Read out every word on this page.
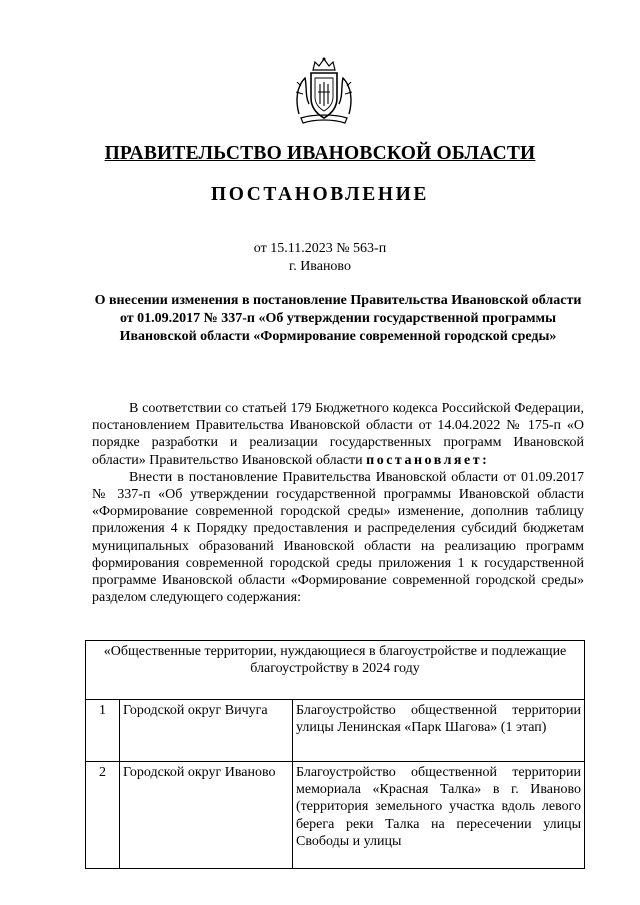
ПРАВИТЕЛЬСТВО ИВАНОВСКОЙ ОБЛАСТИ
ПОСТАНОВЛЕНИЕ
от 15.11.2023 № 563-п
г. Иваново
О внесении изменения в постановление Правительства Ивановской области от 01.09.2017 № 337-п «Об утверждении государственной программы Ивановской области «Формирование современной городской среды»

В соответствии со статьей 179 Бюджетного кодекса Российской Федерации, постановлением Правительства Ивановской области от 14.04.2022 № 175-п «О порядке разработки и реализации государственных программ Ивановской области» Правительство Ивановской области постановляет:

Внести в постановление Правительства Ивановской области от 01.09.2017 № 337-п «Об утверждении государственной программы Ивановской области «Формирование современной городской среды» изменение, дополнив таблицу приложения 4 к Порядку предоставления и распределения субсидий бюджетам муниципальных образований Ивановской области на реализацию программ формирования современной городской среды приложения 1 к государственной программе Ивановской области «Формирование современной городской среды» разделом следующего содержания:

«Общественные территории, нуждающиеся в благоустройстве и подлежащие благоустройству в 2024 году		
1	Городской округ Вичуга	Благоустройство общественной территории улицы Ленинская «Парк Шагова» (1 этап)
2	Городской округ Иваново	Благоустройство общественной территории мемориала «Красная Талка» в г. Иваново (территория земельного участка вдоль левого берега реки Талка на пересечении улицы Свободы и улицы
